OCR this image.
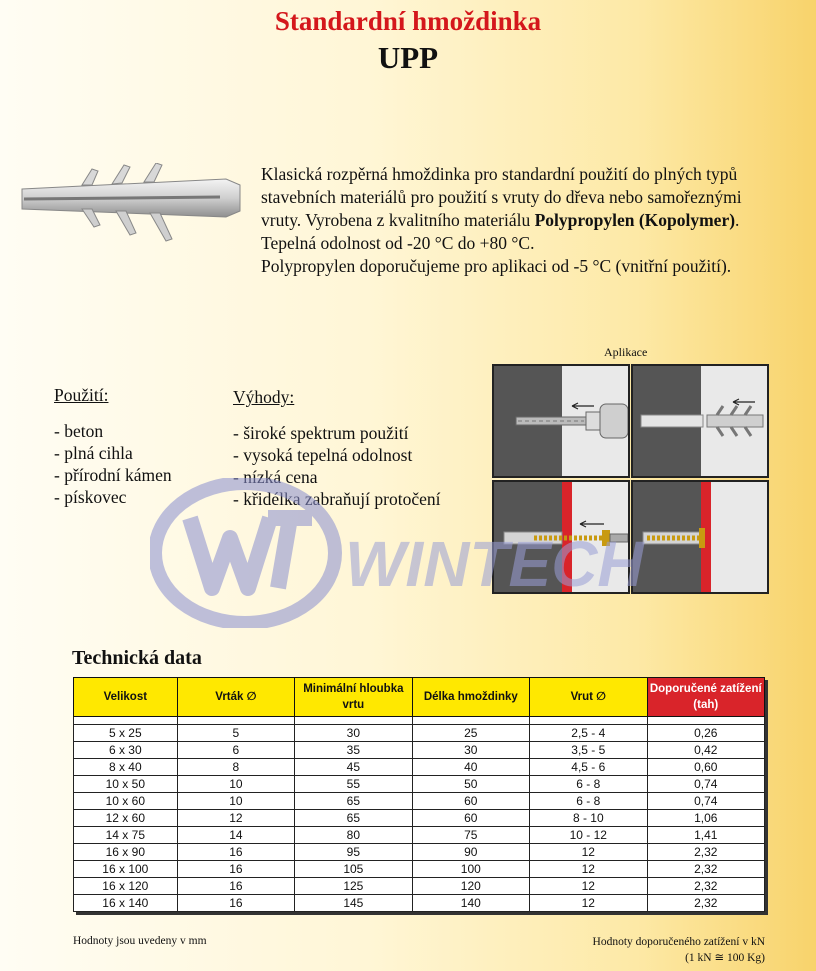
Standardní hmoždinka
UPP
Klasická rozpěrná hmoždinka pro standardní použití do plných typů
stavebních materiálů pro použití s vruty do dřeva nebo samořeznými
vruty. Vyrobena z kvalitního materiálu Polypropylen (Kopolymer).
Tepelná odolnost od -20 °C do +80 °C.
Polypropylen doporučujeme pro aplikaci od -5 °C (vnitřní použití).
Použití:
- beton
- plná cihla
- přírodní kámen
- pískovec
Výhody:
- široké spektrum použití
- vysoká tepelná odolnost
- nízká cena
- křidélka zabraňují protočení
Aplikace
WINTECH
Technická data
Velikost	Vrták ∅	Minimální hloubka vrtu	Délka hmoždinky	Vrut ∅	Doporučené zatížení (tah)

5 x 25	5	30	25	2,5 - 4	0,26
6 x 30	6	35	30	3,5 - 5	0,42
8 x 40	8	45	40	4,5 - 6	0,60
10 x 50	10	55	50	6 - 8	0,74
10 x 60	10	65	60	6 - 8	0,74
12 x 60	12	65	60	8 - 10	1,06
14 x 75	14	80	75	10 - 12	1,41
16 x 90	16	95	90	12	2,32
16 x 100	16	105	100	12	2,32
16 x 120	16	125	120	12	2,32
16 x 140	16	145	140	12	2,32
Hodnoty jsou uvedeny v mm	Hodnoty doporučeného zatížení v kN
(1 kN ≅ 100 Kg)
